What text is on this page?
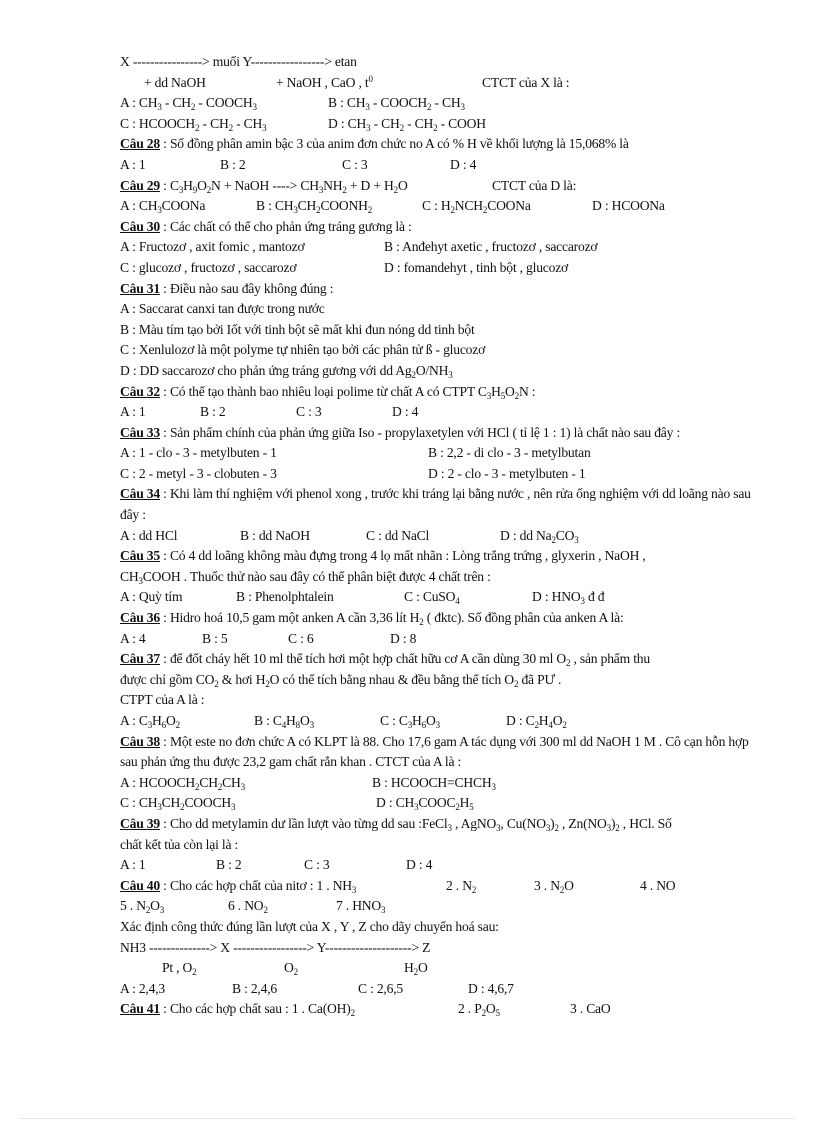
X ----------------> muối Y-----------------> etan
+ dd NaOH	+ NaOH , CaO , $t^0$	CTCT của X là :
A : $CH_3 - CH_2$ - $COOCH_3$	B : $CH_3$ - $COOCH_2 - CH_3$
C : $HCOOCH_2 - CH_2 - CH_3$	D : $CH_3 - CH_2 - CH_2$ - COOH
Câu 28 : Số đồng phân amin bậc 3 của anim đơn chức no A có % H về khối lượng là 15,068% là
A : 1	B : 2	C : 3	D : 4
Câu 29 : $C_3H_9O_2N$ + NaOH ----> $CH_3NH_2 + D + H_2O$	CTCT của D là:
A : $CH_3COONa$	B : $CH_3CH_2COONH_2$	C : $H_2NCH_2COONa$	D : HCOONa
Câu 30 : Các chất có thể cho phản ứng tráng gương là :
A : Fructozơ , axit fomic , mantozơ	B : Anđehyt axetic , fructozơ , saccarozơ
C : glucozơ , fructozơ , saccarozơ	D : fomandehyt , tinh bột , glucozơ
Câu 31 : Điều nào sau đây không đúng :
A : Saccarat canxi tan được trong nước
B : Màu tím tạo bởi Iốt với tinh bột sẽ mất khi đun nóng dd tinh bột
C : Xenlulozơ là một polyme tự nhiên tạo bởi các phân tử ß - glucozơ
D : DD saccarozơ cho phản ứng tráng gương với dd $Ag_2O/NH_3$
Câu 32 : Có thể tạo thành bao nhiêu loại polime từ chất A có CTPT $C_3H_5O_2N$ :
A : 1	B : 2	C : 3	D : 4
Câu 33 : Sản phẩm chính của phản ứng giữa Iso - propylaxetylen với HCl ( tỉ lệ 1 : 1) là chất nào sau đây :
A : 1 - clo - 3 - metylbuten - 1	B : 2,2 - di clo - 3 - metylbutan
C : 2 - metyl - 3 - clobuten - 3	D : 2 - clo - 3 - metylbuten - 1
Câu 34 : Khi làm thí nghiệm với phenol xong , trước khi tráng lại bằng nước , nên rửa ống nghiệm với dd loãng nào sau đây :
A : dd HCl	B : dd NaOH	C : dd NaCl	D : dd $Na_2CO_3$
Câu 35 : Có 4 dd loãng không màu đựng trong 4 lọ mất nhãn : Lòng trắng trứng , glyxerin , NaOH ,
$CH_3COOH$ . Thuốc thử nào sau đây có thể phân biệt được 4 chất trên :
A : Quỳ tím	B : Phenolphtalein	C : CuSO$_4$	D : $HNO_3$ đ đ
Câu 36 : Hidro hoá 10,5 gam một anken A cần 3,36 lít $H_2$ ( đktc). Số đồng phân của anken A là:
A : 4	B : 5	C : 6	D : 8
Câu 37 : để đốt cháy hết 10 ml thể tích hơi một hợp chất hữu cơ A cần dùng 30 ml $O_2$ , sản phẩm thu
được chỉ gồm $CO_2$ & hơi $H_2O$ có thể tích bằng nhau & đều bằng thể tích $O_2$ đã PƯ .
CTPT của A là :
A : $C_3H_6O_2$	B : $C_4H_8O_3$	C : $C_3H_6O_3$	D : $C_2H_4O_2$
Câu 38 : Một este no đơn chức A có KLPT là 88. Cho 17,6 gam A tác dụng với 300 ml dd NaOH 1 M . Cô cạn hỗn hợp sau phản ứng thu được 23,2 gam chất rắn khan . CTCT của A là :
A : $HCOOCH_2CH_2CH_3$	B : $HCOOCH=CHCH_3$
C : $CH_3CH_2COOCH_3$	D : $CH_3COOC_2H_5$
Câu 39 : Cho dd metylamin dư lần lượt vào từng dd sau :FeCl$_3$ , AgNO$_3$, $Cu(NO_3)_2$ , $Zn(NO_3)_2$ , HCl. Số
chất kết tủa còn lại là :
A : 1	B : 2	C : 3	D : 4
Câu 40 : Cho các hợp chất của nitơ : 1 . $NH_3$	2 . $N_2$	3 . $N_2O$	4 . NO
5 . $N_2O_3$	6 . $NO_2$	7 . $HNO_3$
Xác định công thức đúng lần lượt của X , Y , Z cho dãy chuyển hoá sau:
NH3 --------------> X -----------------> Y--------------------> Z
Pt , $O_2$	$O_2$	$H_2O$
A : 2,4,3	B : 2,4,6	C : 2,6,5	D : 4,6,7
Câu 41 : Cho các hợp chất sau : 1 . $Ca(OH)_2$	2 . $P_2O_5$	3 . CaO
